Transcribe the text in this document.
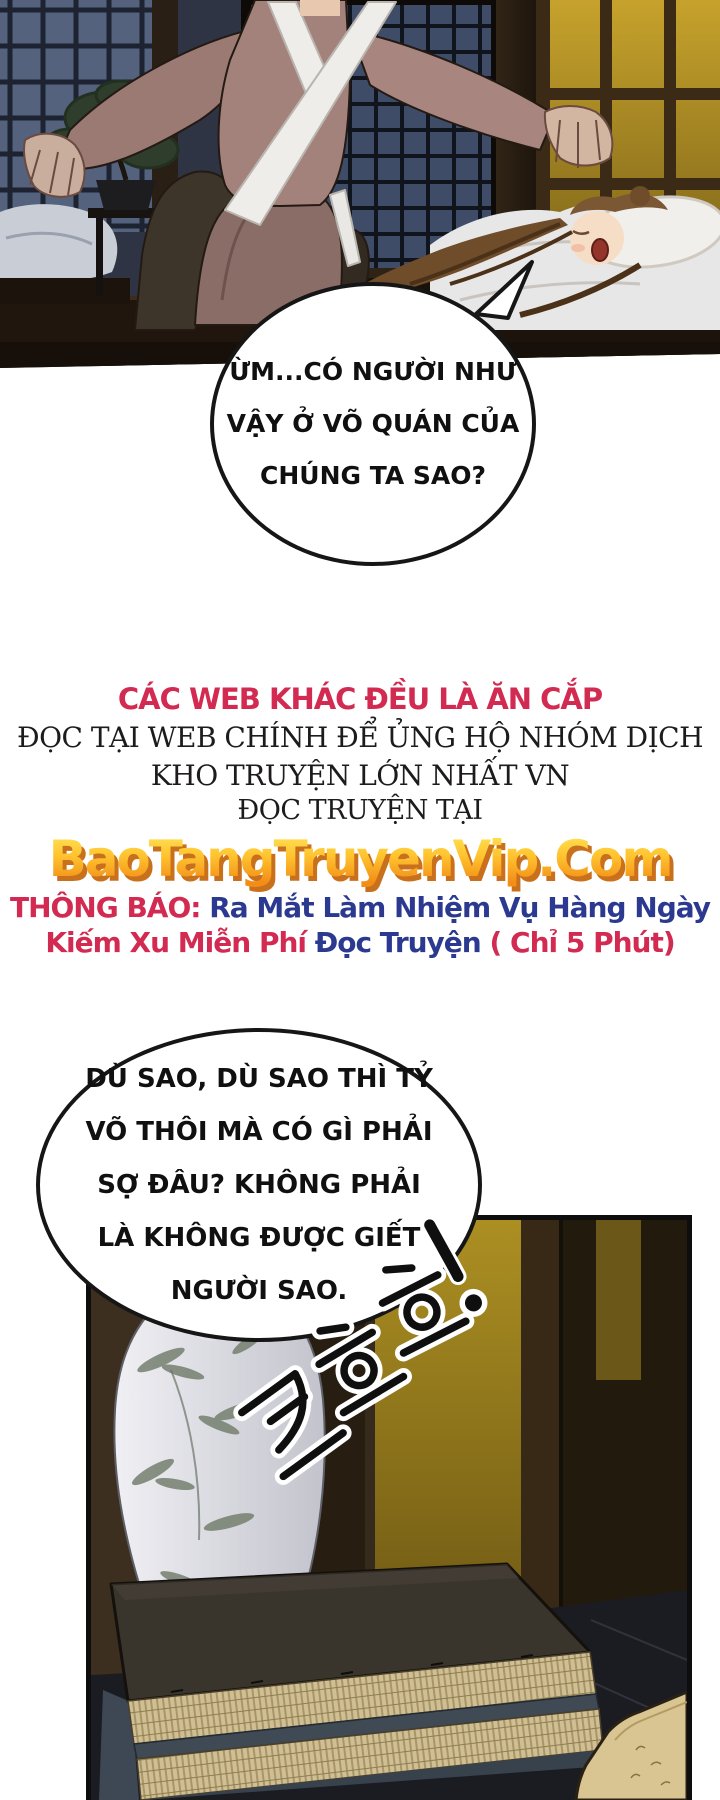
ỪM...CÓ NGƯỜI NHƯ
VẬY Ở VÕ QUÁN CỦA
CHÚNG TA SAO?
CÁC WEB KHÁC ĐỀU LÀ ĂN CẮP
ĐỌC TẠI WEB CHÍNH ĐỂ ỦNG HỘ NHÓM DỊCH
KHO TRUYỆN LỚN NHẤT VN
ĐỌC TRUYỆN TẠI
BaoTangTruyenVip.Com
THÔNG BÁO: Ra Mắt Làm Nhiệm Vụ Hàng Ngày
Kiếm Xu Miễn Phí Đọc Truyện ( Chỉ 5 Phút)
DÙ SAO, DÙ SAO THÌ TỶ
VÕ THÔI MÀ CÓ GÌ PHẢI
SỢ ĐÂU? KHÔNG PHẢI
LÀ KHÔNG ĐƯỢC GIẾT
NGƯỜI SAO.
